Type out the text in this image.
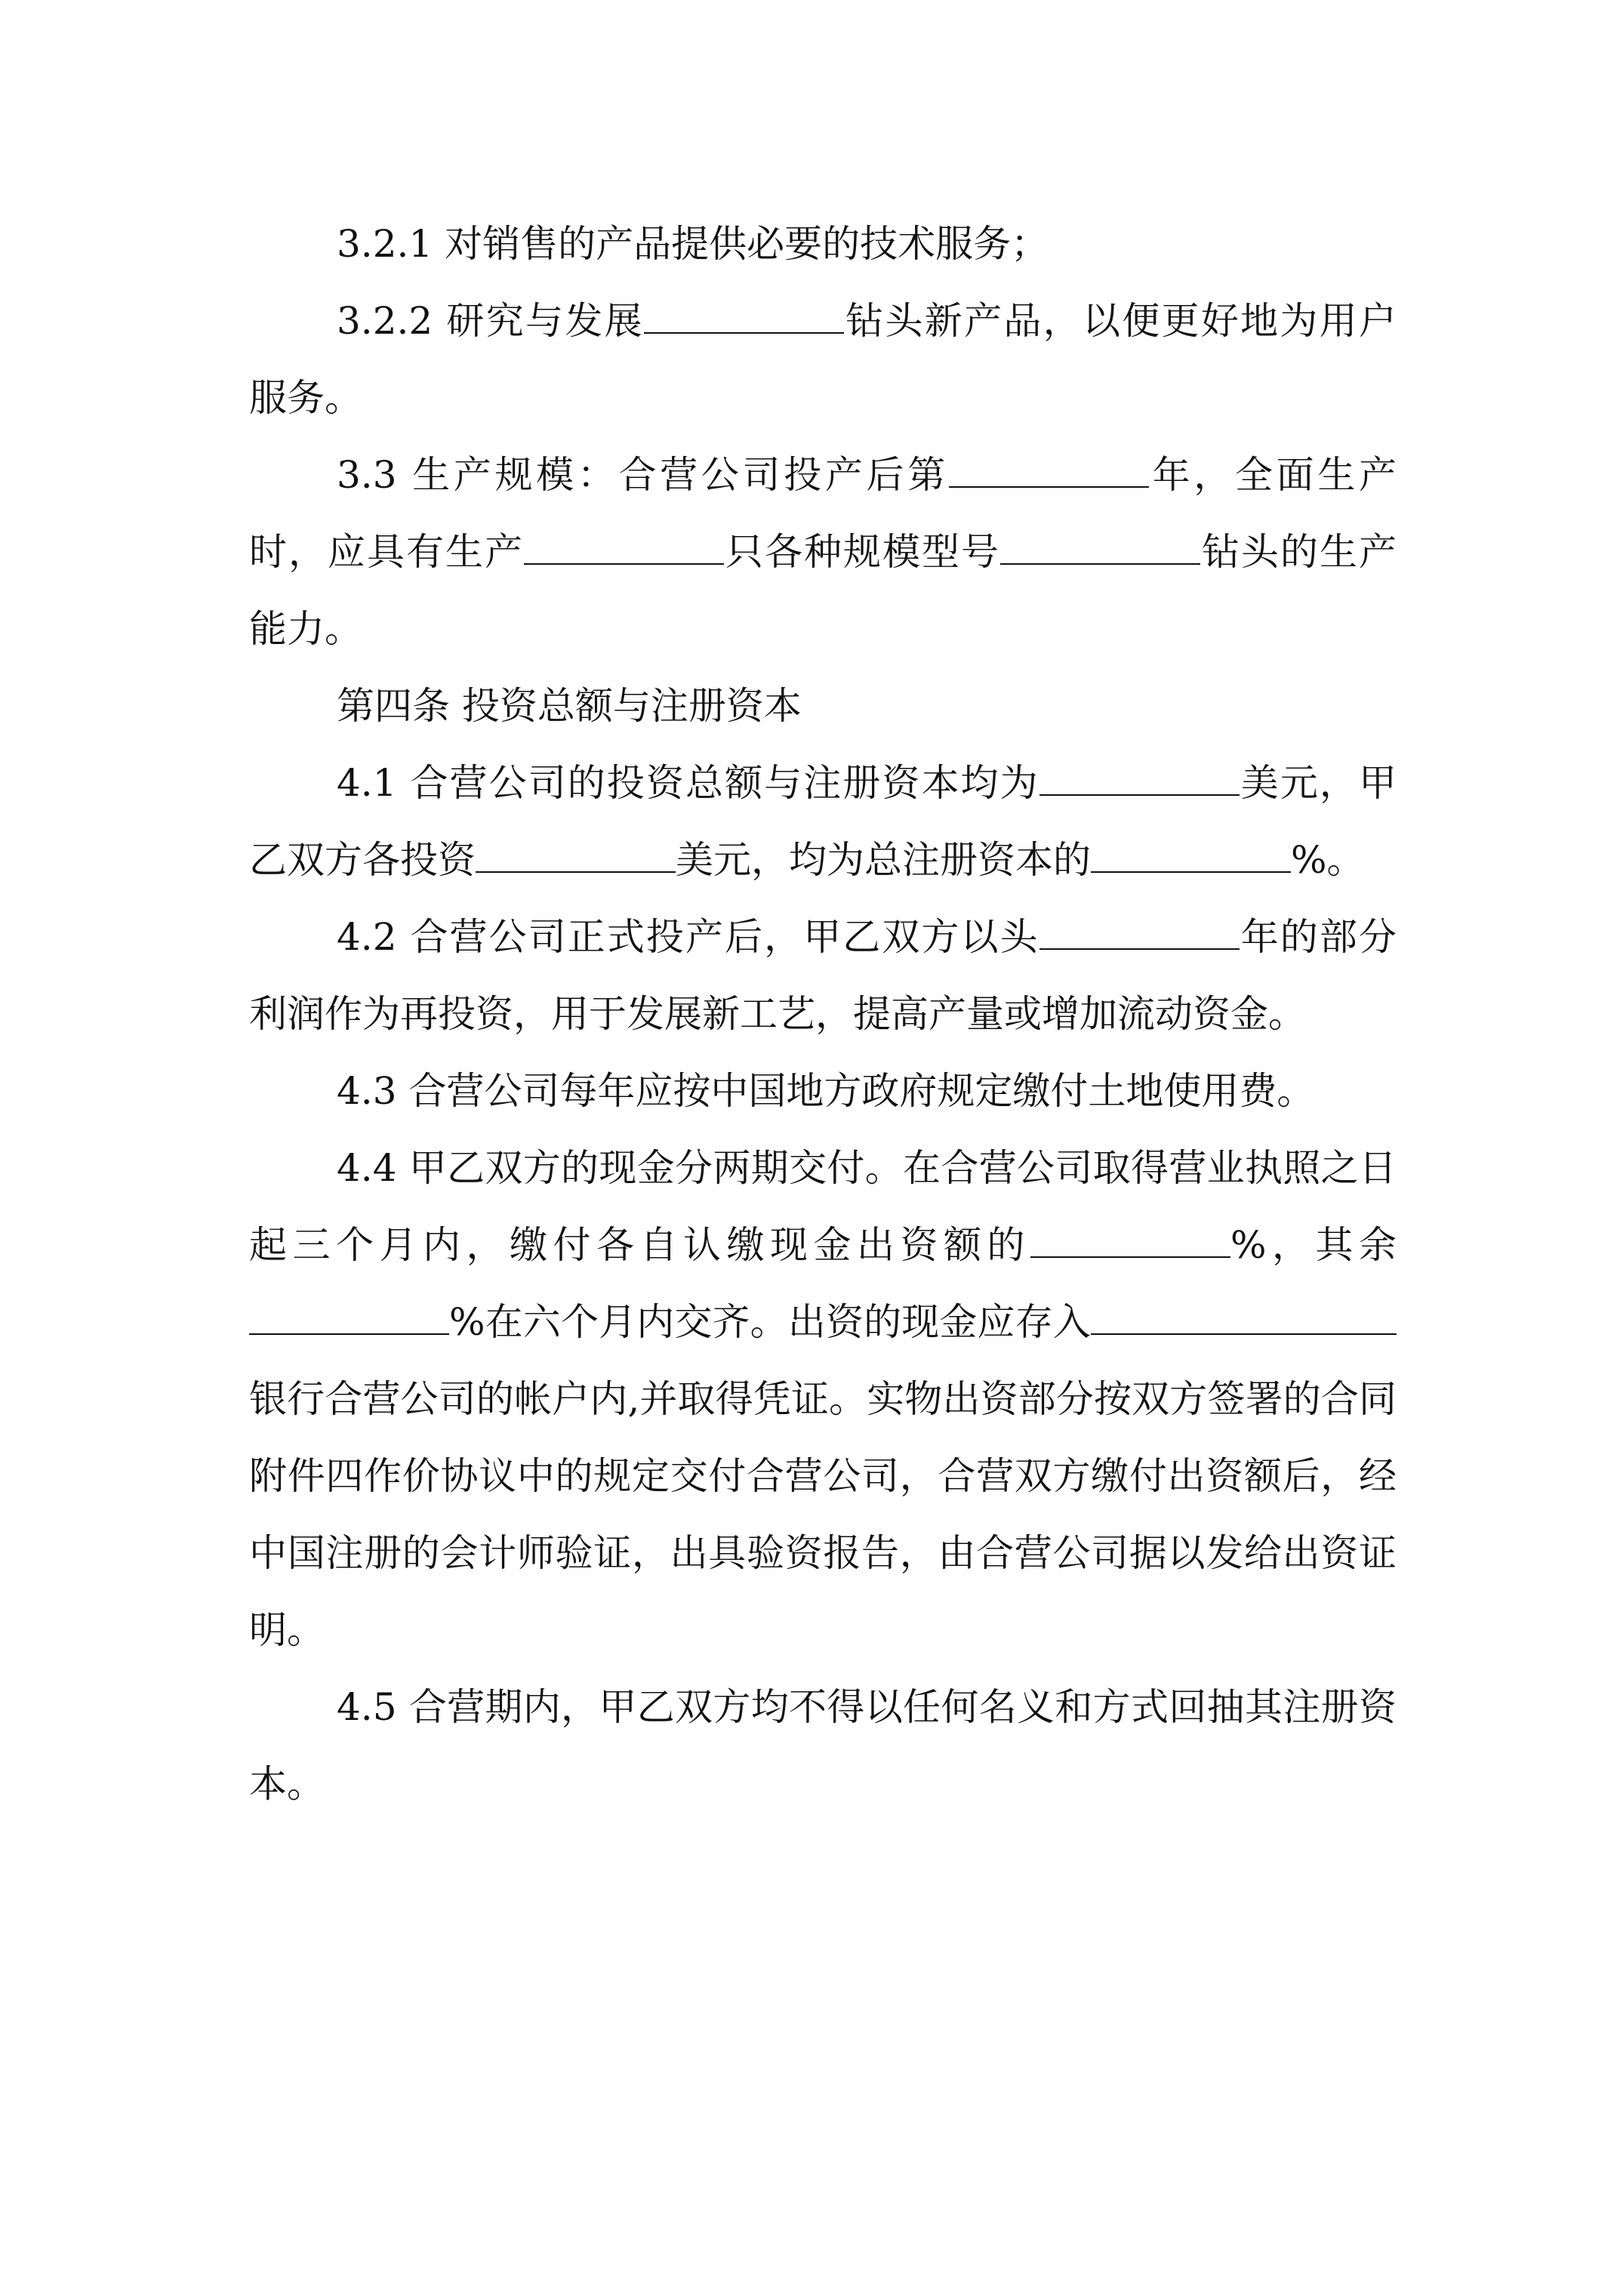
3.2.1 对销售的产品提供必要的技术服务；

3.2.2 研究与发展	钻头新产品，以便更好地为用户服务。

3.3 生产规模：合营公司投产后第	年，全面生产时，应具有生产	只各种规模型号	钻头的生产能力。

第四条 投资总额与注册资本

4.1 合营公司的投资总额与注册资本均为	美元，甲乙双方各投资	美元，均为总注册资本的	%。

4.2 合营公司正式投产后，甲乙双方以头	年的部分利润作为再投资，用于发展新工艺，提高产量或增加流动资金。

4.3 合营公司每年应按中国地方政府规定缴付土地使用费。

4.4 甲乙双方的现金分两期交付。在合营公司取得营业执照之日起三个月内，缴付各自认缴现金出资额的	%，其余%在六个月内交齐。出资的现金应存入银行合营公司的帐户内,并取得凭证。实物出资部分按双方签署的合同附件四作价协议中的规定交付合营公司，合营双方缴付出资额后，经中国注册的会计师验证，出具验资报告，由合营公司据以发给出资证明。

4.5 合营期内，甲乙双方均不得以任何名义和方式回抽其注册资本。
